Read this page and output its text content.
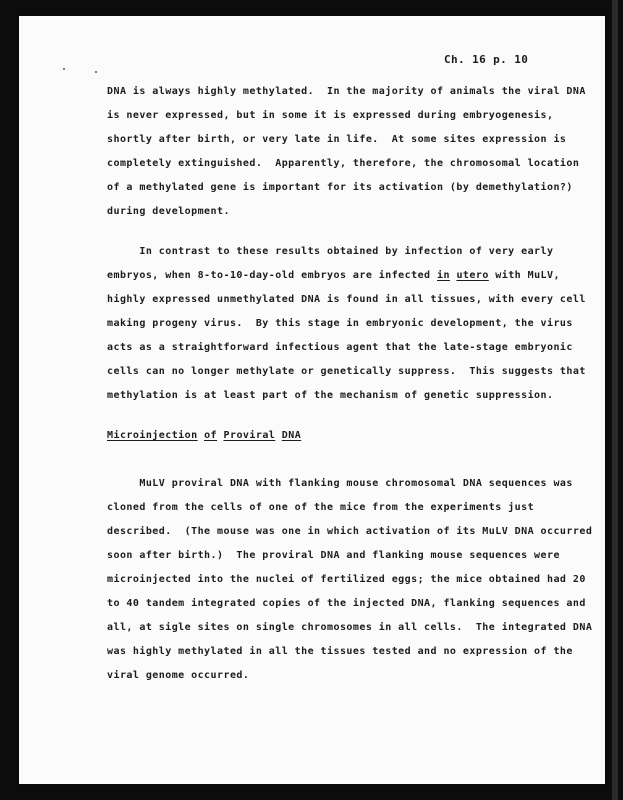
Ch. 16 p. 10
DNA is always highly methylated.  In the majority of animals the viral DNA
is never expressed, but in some it is expressed during embryogenesis,
shortly after birth, or very late in life.  At some sites expression is
completely extinguished.  Apparently, therefore, the chromosomal location
of a methylated gene is important for its activation (by demethylation?)
during development.
In contrast to these results obtained by infection of very early
embryos, when 8-to-10-day-old embryos are infected in utero with MuLV,
highly expressed unmethylated DNA is found in all tissues, with every cell
making progeny virus.  By this stage in embryonic development, the virus
acts as a straightforward infectious agent that the late-stage embryonic
cells can no longer methylate or genetically suppress.  This suggests that
methylation is at least part of the mechanism of genetic suppression.
Microinjection of Proviral DNA
MuLV proviral DNA with flanking mouse chromosomal DNA sequences was
cloned from the cells of one of the mice from the experiments just
described.  (The mouse was one in which activation of its MuLV DNA occurred
soon after birth.)  The proviral DNA and flanking mouse sequences were
microinjected into the nuclei of fertilized eggs; the mice obtained had 20
to 40 tandem integrated copies of the injected DNA, flanking sequences and
all, at sigle sites on single chromosomes in all cells.  The integrated DNA
was highly methylated in all the tissues tested and no expression of the
viral genome occurred.
